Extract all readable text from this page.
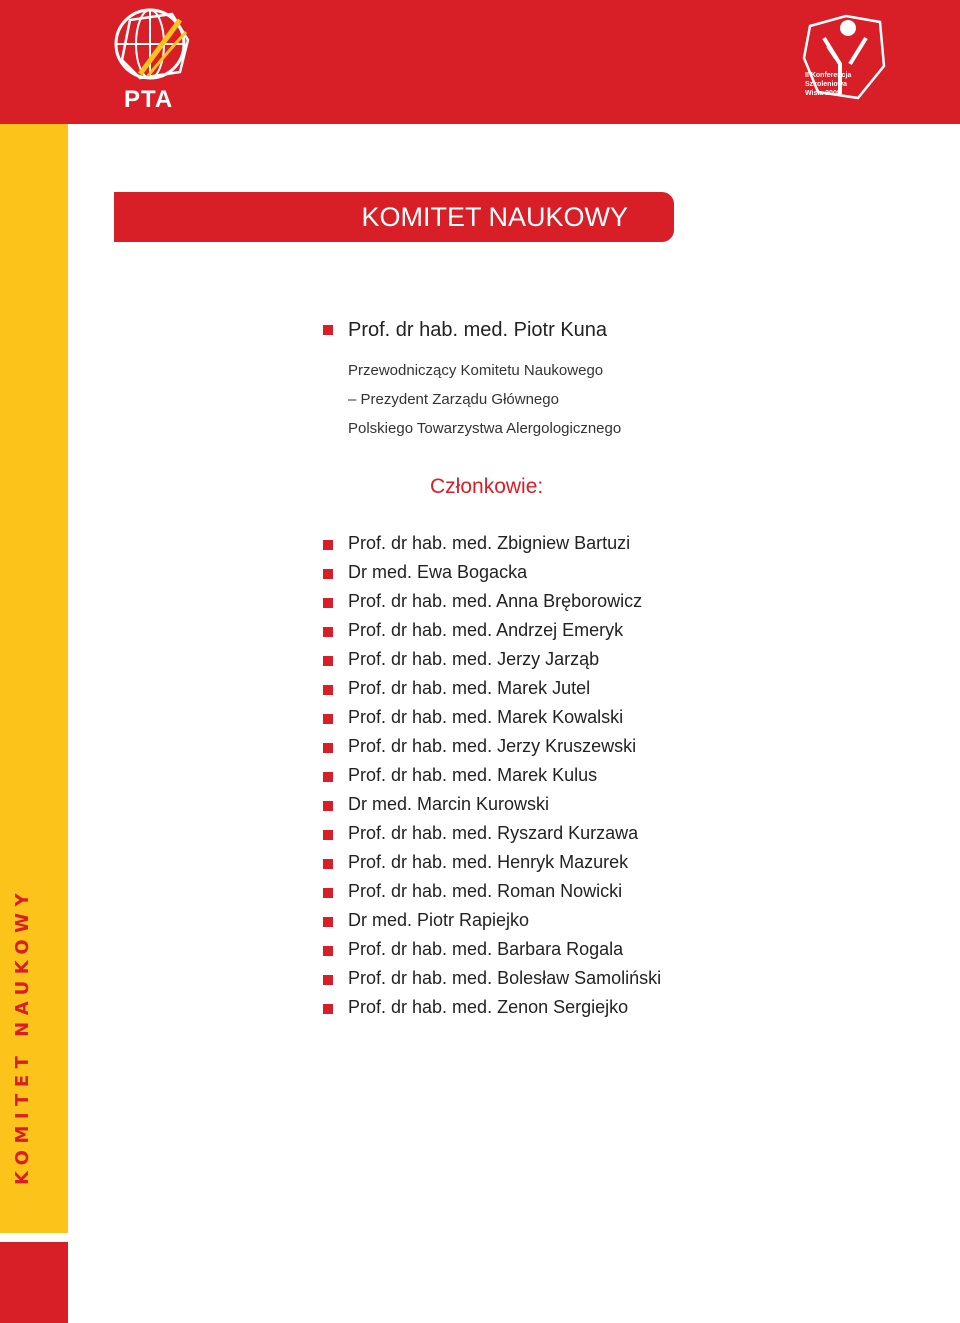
KOMITET NAUKOWY
PTA
II Konferencja
Szkoleniowa
Wisła 2008
KOMITET NAUKOWY
Prof. dr hab. med. Piotr Kuna
Przewodniczący Komitetu Naukowego
– Prezydent Zarządu Głównego
Polskiego Towarzystwa Alergologicznego
Członkowie:
Prof. dr hab. med. Zbigniew Bartuzi
Dr med. Ewa Bogacka
Prof. dr hab. med. Anna Bręborowicz
Prof. dr hab. med. Andrzej Emeryk
Prof. dr hab. med. Jerzy Jarząb
Prof. dr hab. med. Marek Jutel
Prof. dr hab. med. Marek Kowalski
Prof. dr hab. med. Jerzy Kruszewski
Prof. dr hab. med. Marek Kulus
Dr med. Marcin Kurowski
Prof. dr hab. med. Ryszard Kurzawa
Prof. dr hab. med. Henryk Mazurek
Prof. dr hab. med. Roman Nowicki
Dr med. Piotr Rapiejko
Prof. dr hab. med. Barbara Rogala
Prof. dr hab. med. Bolesław Samoliński
Prof. dr hab. med. Zenon Sergiejko
